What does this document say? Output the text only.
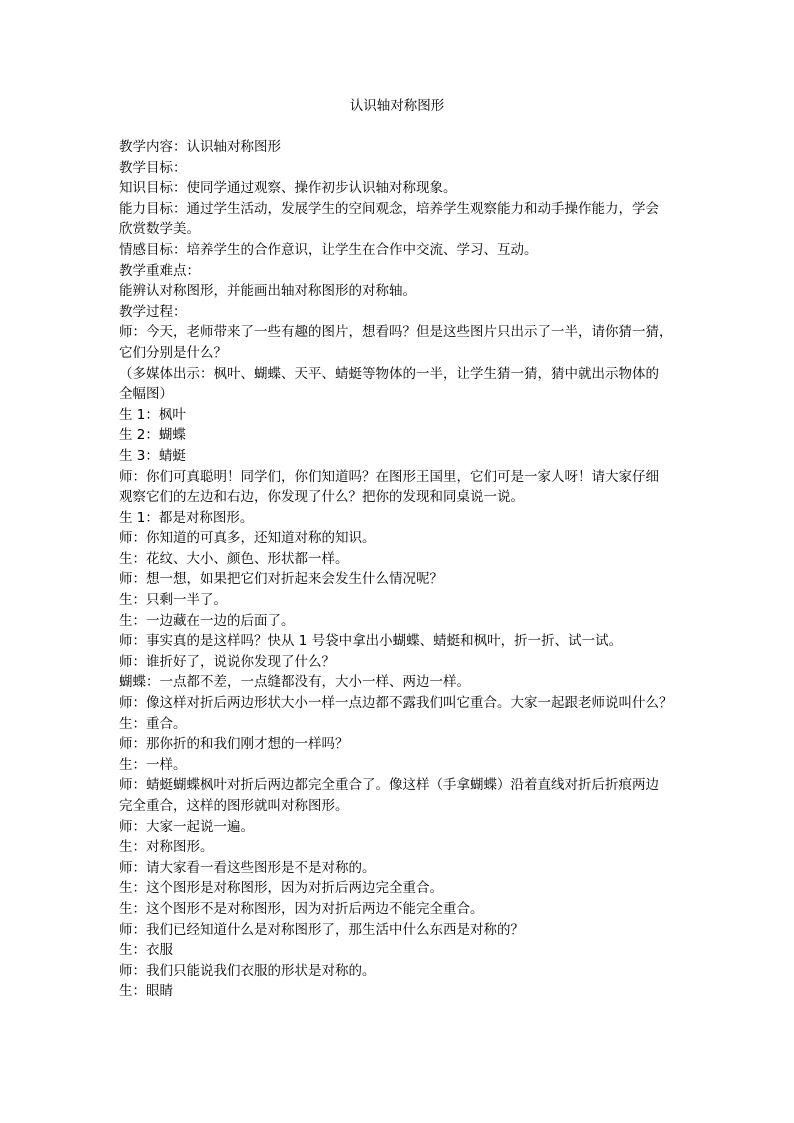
认识轴对称图形
教学内容：认识轴对称图形
教学目标：
知识目标：使同学通过观察、操作初步认识轴对称现象。
能力目标：通过学生活动，发展学生的空间观念，培养学生观察能力和动手操作能力，学会
欣赏数学美。
情感目标：培养学生的合作意识，让学生在合作中交流、学习、互动。
教学重难点：
能辨认对称图形，并能画出轴对称图形的对称轴。
教学过程：
师：今天，老师带来了一些有趣的图片，想看吗？但是这些图片只出示了一半，请你猜一猜，
它们分别是什么？
（多媒体出示：枫叶、蝴蝶、天平、蜻蜓等物体的一半，让学生猜一猜，猜中就出示物体的
全幅图）
生 1：枫叶
生 2：蝴蝶
生 3：蜻蜓
师：你们可真聪明！同学们，你们知道吗？在图形王国里，它们可是一家人呀！请大家仔细
观察它们的左边和右边，你发现了什么？把你的发现和同桌说一说。
生 1：都是对称图形。
师：你知道的可真多，还知道对称的知识。
生：花纹、大小、颜色、形状都一样。
师：想一想，如果把它们对折起来会发生什么情况呢？
生：只剩一半了。
生：一边藏在一边的后面了。
师：事实真的是这样吗？快从 1 号袋中拿出小蝴蝶、蜻蜓和枫叶，折一折、试一试。
师：谁折好了，说说你发现了什么？
蝴蝶：一点都不差，一点缝都没有，大小一样、两边一样。
师：像这样对折后两边形状大小一样一点边都不露我们叫它重合。大家一起跟老师说叫什么？
生：重合。
师：那你折的和我们刚才想的一样吗？
生：一样。
师：蜻蜓蝴蝶枫叶对折后两边都完全重合了。像这样（手拿蝴蝶）沿着直线对折后折痕两边
完全重合，这样的图形就叫对称图形。
师：大家一起说一遍。
生：对称图形。
师：请大家看一看这些图形是不是对称的。
生：这个图形是对称图形，因为对折后两边完全重合。
生：这个图形不是对称图形，因为对折后两边不能完全重合。
师：我们已经知道什么是对称图形了，那生活中什么东西是对称的？
生：衣服
师：我们只能说我们衣服的形状是对称的。
生：眼睛
